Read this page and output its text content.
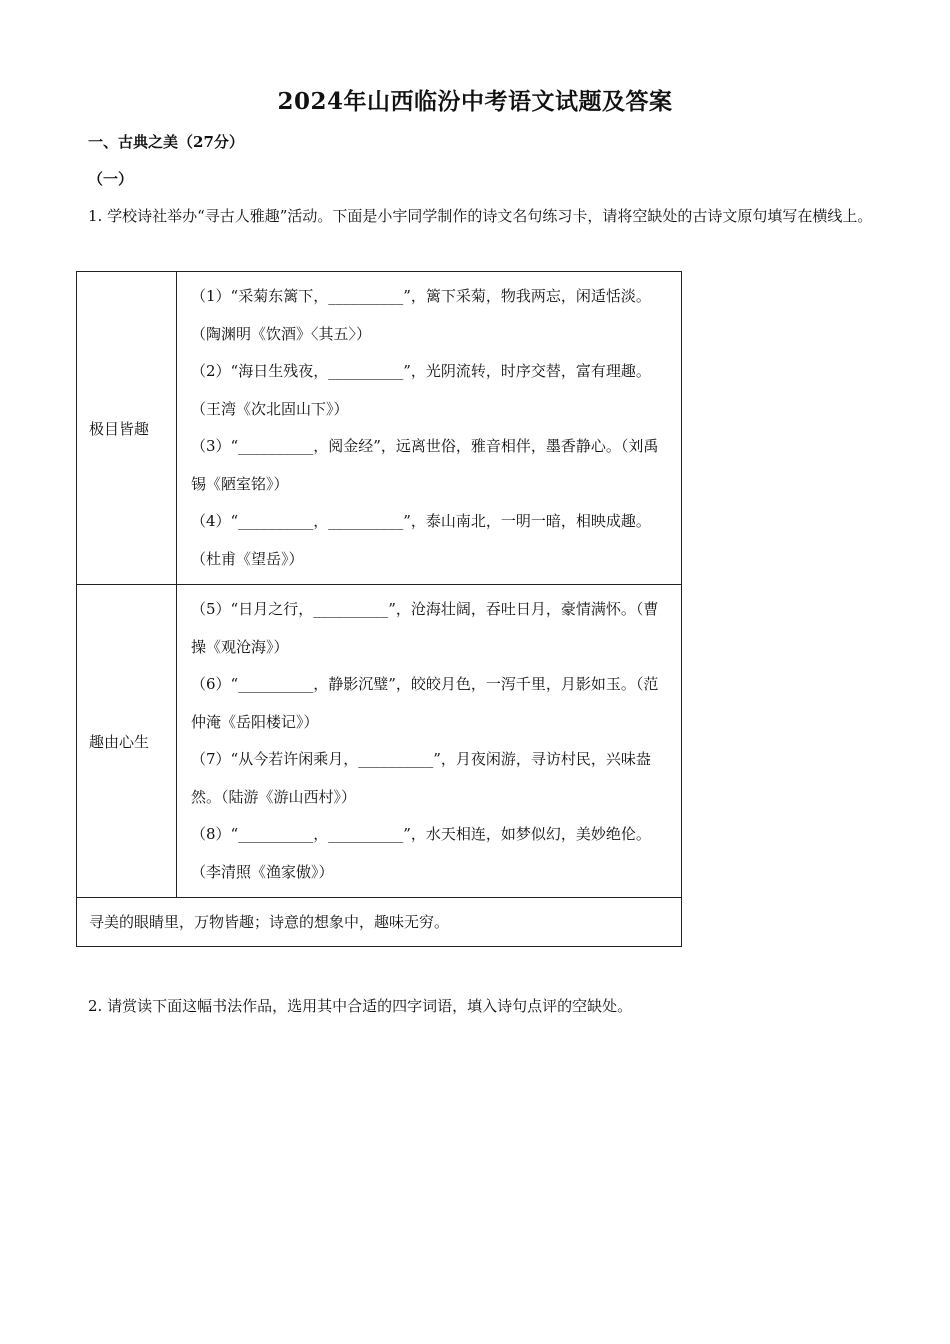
2024年山西临汾中考语文试题及答案
一、古典之美（27分）
（一）
1. 学校诗社举办“寻古人雅趣”活动。下面是小宇同学制作的诗文名句练习卡，请将空缺处的古诗文原句填写在横线上。
极目皆趣	（1）“采菊东篱下，__________”，篱下采菊，物我两忘，闲适恬淡。（陶渊明《饮酒》〈其五〉）
（2）“海日生残夜，__________”，光阴流转，时序交替，富有理趣。（王湾《次北固山下》）
（3）“__________，阅金经”，远离世俗，雅音相伴，墨香静心。（刘禹锡《陋室铭》）
（4）“__________，__________”，泰山南北，一明一暗，相映成趣。（杜甫《望岳》）

趣由心生	（5）“日月之行，__________”，沧海壮阔，吞吐日月，豪情满怀。（曹操《观沧海》）
（6）“__________，静影沉璧”，皎皎月色，一泻千里，月影如玉。（范仲淹《岳阳楼记》）
（7）“从今若许闲乘月，__________”，月夜闲游，寻访村民，兴味盎然。（陆游《游山西村》）
（8）“__________，__________”，水天相连，如梦似幻，美妙绝伦。（李清照《渔家傲》）

寻美的眼睛里，万物皆趣；诗意的想象中，趣味无穷。	
2. 请赏读下面这幅书法作品，选用其中合适的四字词语，填入诗句点评的空缺处。
